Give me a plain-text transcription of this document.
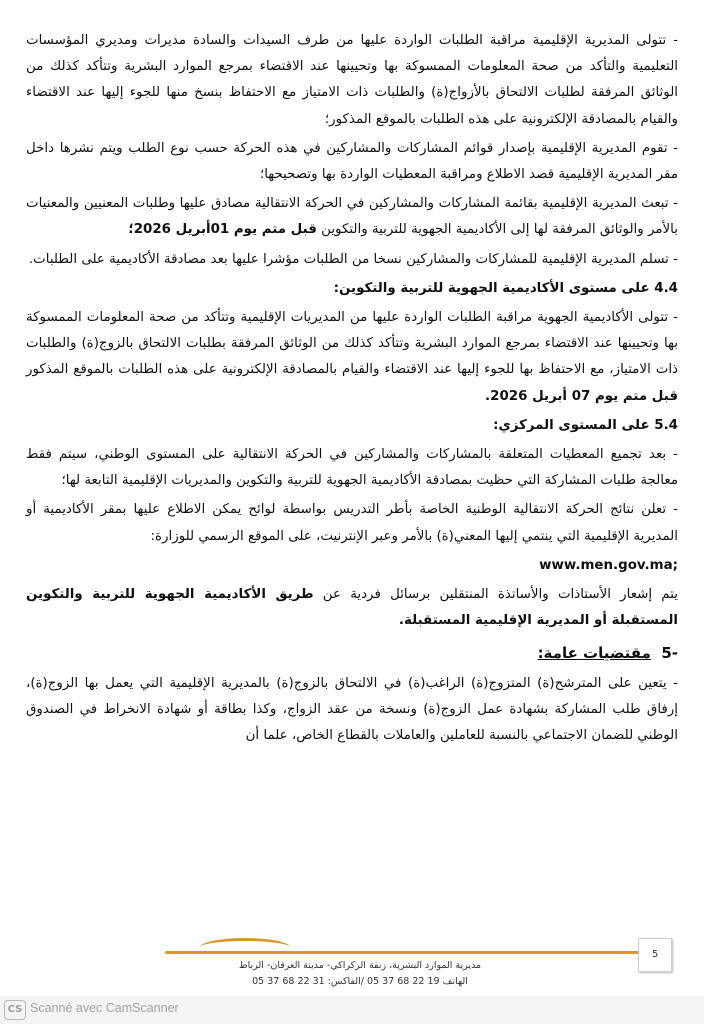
- تتولى المديرية الإقليمية مراقبة الطلبات الواردة عليها من طرف السيدات والسادة مديرات ومديري المؤسسات التعليمية والتأكد من صحة المعلومات الممسوكة بها وتحيينها عند الاقتضاء بمرجع الموارد البشرية وتتأكد كذلك من الوثائق المرفقة لطلبات الالتحاق بالأزواج(ة) والطلبات ذات الامتياز مع الاحتفاظ بنسخ منها للجوء إليها عند الاقتضاء والقيام بالمصادقة الإلكترونية على هذه الطلبات بالموقع المذكور؛

- تقوم المديرية الإقليمية بإصدار قوائم المشاركات والمشاركين في هذه الحركة حسب نوع الطلب ويتم نشرها داخل مقر المديرية الإقليمية قصد الاطلاع ومراقبة المعطيات الواردة بها وتصحيحها؛

- تبعث المديرية الإقليمية بقائمة المشاركات والمشاركين في الحركة الانتقالية مصادق عليها وطلبات المعنيين والمعنيات بالأمر والوثائق المرفقة لها إلى الأكاديمية الجهوية للتربية والتكوين قبل متم يوم 01أبريل 2026؛

- تسلم المديرية الإقليمية للمشاركات والمشاركين نسخا من الطلبات مؤشرا عليها بعد مصادقة الأكاديمية على الطلبات.

4.4 على مستوى الأكاديمية الجهوية للتربية والتكوين:

- تتولى الأكاديمية الجهوية مراقبة الطلبات الواردة عليها من المديريات الإقليمية وتتأكد من صحة المعلومات الممسوكة بها وتحيينها عند الاقتضاء بمرجع الموارد البشرية وتتأكد كذلك من الوثائق المرفقة بطلبات الالتحاق بالزوج(ة) والطلبات ذات الامتياز، مع الاحتفاظ بها للجوء إليها عند الاقتضاء والقيام بالمصادقة الإلكترونية على هذه الطلبات بالموقع المذكور قبل متم يوم 07 أبريل 2026.

5.4 على المستوى المركزي:

- بعد تجميع المعطيات المتعلقة بالمشاركات والمشاركين في الحركة الانتقالية على المستوى الوطني، سيتم فقط معالجة طلبات المشاركة التي حظيت بمصادقة الأكاديمية الجهوية للتربية والتكوين والمديريات الإقليمية التابعة لها؛

- تعلن نتائج الحركة الانتقالية الوطنية الخاصة بأطر التدريس بواسطة لوائح يمكن الاطلاع عليها بمقر الأكاديمية أو المديرية الإقليمية التي ينتمي إليها المعني(ة) بالأمر وعبر الإنترنيت، على الموقع الرسمي للوزارة:

www.men.gov.ma;

يتم إشعار الأستاذات والأساتذة المنتقلين برسائل فردية عن طريق الأكاديمية الجهوية للتربية والتكوين المستقبلة أو المديرية الإقليمية المستقبلة.

-5  مقتضيات عامة:

- يتعين على المترشح(ة) المتزوج(ة) الراغب(ة) في الالتحاق بالزوج(ة) بالمديرية الإقليمية التي يعمل بها الزوج(ة)، إرفاق طلب المشاركة بشهادة عمل الزوج(ة) ونسخة من عقد الزواج، وكذا بطاقة أو شهادة الانخراط في الصندوق الوطني للضمان الاجتماعي بالنسبة للعاملين والعاملات بالقطاع الخاص، علما أن

مديرية الموارد البشرية، زنقة الركراكي- مدينة العرفان- الرباط
الهاتف 19 22 68 37 05 /الفاكس: 31 22 68 37 05
5
CS Scanné avec CamScanner
